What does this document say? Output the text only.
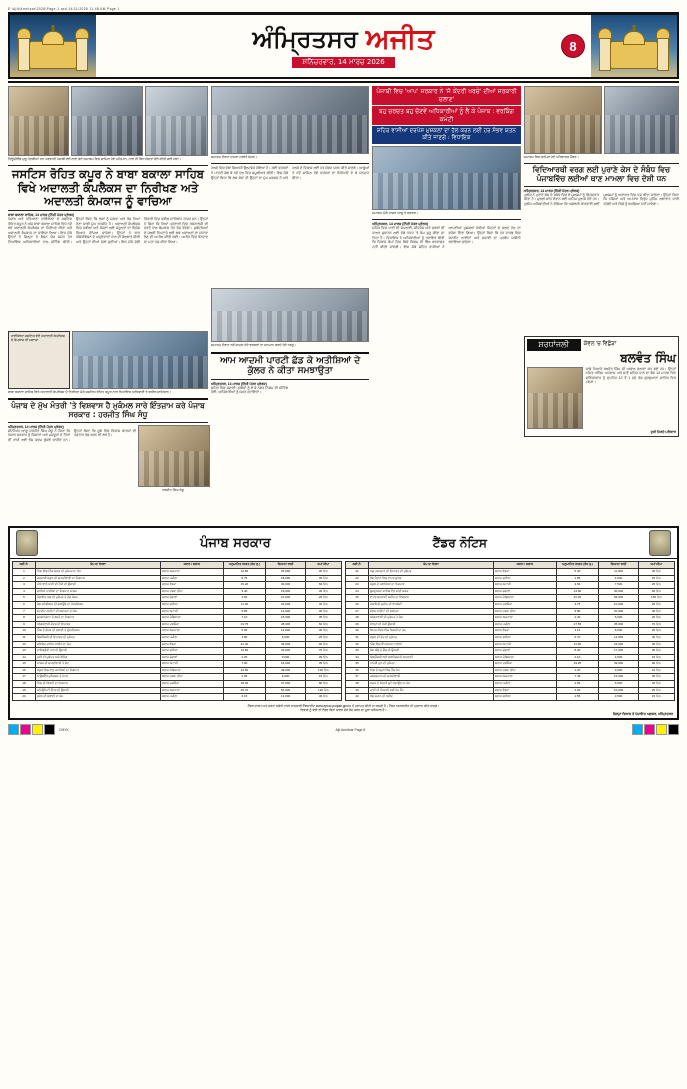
E:\Ajit\Amritsar\2026\Page-1.qxd 14/11/2026 11:48 AM Page 1
ਅੰਮ੍ਰਿਤਸਰ ਅਜੀਤ
ਸ਼ਨਿੱਚਰਵਾਰ, 14 ਮਾਰਚ 2026
8
ਨਿਊਜ਼ੀਲੈਂਡ ਸ਼ੁਰੂ ਹੋਣਗੀਆਂ ਹਨ ਪਰਵਾਸੀ ਪੰਜਾਬੀ ਵੱਲੋਂ ਲਾਏ ਗਏ ਸਮਾਗਮ ਵਿਚ ਸ਼ਾਮਿਲ ਹੋਏ ਮਹਿਮਾਨ, ਨਾਲ ਹੀ ਸਿੱਖ ਸੰਗਤਾਂ ਵੱਲੋਂ ਕੀਤੀ ਗਈ ਸੇਵਾ।
ਜਸਟਿਸ ਰੋਹਿਤ ਕਪੂਰ ਨੇ ਬਾਬਾ ਬਕਾਲਾ ਸਾਹਿਬ ਵਿਖੇ ਅਦਾਲਤੀ ਕੰਪਲੈਕਸ ਦਾ ਨਿਰੀਖਣ ਅਤੇ ਅਦਾਲਤੀ ਕੰਮਕਾਜ ਨੂੰ ਵਾਚਿਆ
ਬਾਬਾ ਬਕਾਲਾ ਸਾਹਿਬ, 14 ਮਾਰਚ (ਨਿੱਜੀ ਪੱਤਰ ਪ੍ਰੇਰਕ)
ਪੰਜਾਬ ਅਤੇ ਹਰਿਆਣਾ ਹਾਈਕੋਰਟ ਦੇ ਜਸਟਿਸ ਰੋਹਿਤ ਕਪੂਰ ਨੇ ਅੱਜ ਬਾਬਾ ਬਕਾਲਾ ਸਾਹਿਬ ਵਿਖੇ ਨਵੇਂ ਬਣੇ ਅਦਾਲਤੀ ਕੰਪਲੈਕਸ ਦਾ ਨਿਰੀਖਣ ਕੀਤਾ ਅਤੇ ਅਦਾਲਤੀ ਕੰਮਕਾਜ ਦਾ ਜਾਇਜ਼ਾ ਲਿਆ। ਇਸ ਮੌਕੇ ਉਨ੍ਹਾਂ ਨੇ ਜ਼ਿਲ੍ਹਾ ਤੇ ਸੈਸ਼ਨ ਜੱਜ ਸਮੇਤ ਹੋਰ ਨਿਆਂਇਕ ਅਧਿਕਾਰੀਆਂ ਨਾਲ ਮੀਟਿੰਗ ਕੀਤੀ। ਉਨ੍ਹਾਂ ਕਿਹਾ ਕਿ ਲੋਕਾਂ ਨੂੰ ਸਸਤਾ ਅਤੇ ਤੇਜ਼ ਨਿਆਂ ਦੇਣਾ ਸਾਡੀ ਮੁੱਖ ਤਰਜੀਹ ਹੈ। ਅਦਾਲਤੀ ਕੰਪਲੈਕਸ ਵਿਚ ਵਕੀਲਾਂ ਅਤੇ ਸੱਜਣਾਂ ਲਈ ਸਹੂਲਤਾਂ ਦਾ ਵਿਸ਼ੇਸ਼ ਧਿਆਨ ਰੱਖਿਆ ਜਾਵੇਗਾ। ਉਨ੍ਹਾਂ ਨੇ ਬਾਰ ਐਸੋਸੀਏਸ਼ਨ ਦੇ ਅਹੁਦੇਦਾਰਾਂ ਨਾਲ ਵੀ ਗੱਲਬਾਤ ਕੀਤੀ ਅਤੇ ਉਨ੍ਹਾਂ ਦੀਆਂ ਮੰਗਾਂ ਸੁਣੀਆਂ। ਇਸ ਮੌਕੇ ਵੱਡੀ ਗਿਣਤੀ ਵਿਚ ਵਕੀਲ ਸਾਹਿਬਾਨ ਹਾਜ਼ਰ ਸਨ। ਉਨ੍ਹਾਂ ਨੇ ਕਿਹਾ ਕਿ ਨਿਆਂ ਪ੍ਰਣਾਲੀ ਵਿਚ ਤਕਨਾਲੋਜੀ ਦੀ ਵਰਤੋਂ ਨਾਲ ਕੰਮਕਾਜ ਹੋਰ ਤੇਜ਼ ਹੋਵੇਗਾ। ਮੁਕੱਦਮਿਆਂ ਦੇ ਜਲਦੀ ਨਿਪਟਾਰੇ ਲਈ ਲੋਕ ਅਦਾਲਤਾਂ ਦਾ ਸਹਾਰਾ ਲੈਣ ਦੀ ਅਪੀਲ ਕੀਤੀ ਗਈ। ਅਖੀਰ ਵਿਚ ਧੰਨਵਾਦ ਦਾ ਮਤਾ ਪੇਸ਼ ਕੀਤਾ ਗਿਆ।
ਹਾਈਕੋਰਟ ਜਸਟਿਸ ਵੱਲੋਂ ਅਦਾਲਤੀ ਕੰਪਲੈਕਸ ਦੇ ਕੰਮਕਾਜ ਦੀ ਸ਼ਲਾਘਾ
ਬਾਬਾ ਬਕਾਲਾ ਸਾਹਿਬ ਵਿਖੇ ਅਦਾਲਤੀ ਕੰਪਲੈਕਸ ਦੇ ਨਿਰੀਖਣ ਮੌਕੇ ਜਸਟਿਸ ਰੋਹਿਤ ਕਪੂਰ ਨਾਲ ਨਿਆਂਇਕ ਅਧਿਕਾਰੀ ਤੇ ਵਕੀਲ ਸਾਹਿਬਾਨ।
ਪੰਜਾਬ ਦੇ ਮੁੱਖ ਮੰਤਰੀ 'ਤੇ ਵਿਸ਼ਵਾਸ ਹੈ ਮੁਕੰਮਲ ਸਾਰੇ ਇੰਤਜ਼ਾਮ ਕਰੇ ਪੰਜਾਬ ਸਰਕਾਰ : ਹਰਜੀਤ ਸਿੰਘ ਸੰਧੂ
ਅੰਮ੍ਰਿਤਸਰ, 14 ਮਾਰਚ (ਨਿੱਜੀ ਪੱਤਰ ਪ੍ਰੇਰਕ)
ਸੀਨੀਅਰ ਆਗੂ ਹਰਜੀਤ ਸਿੰਘ ਸੰਧੂ ਨੇ ਕਿਹਾ ਕਿ ਪੰਜਾਬ ਸਰਕਾਰ ਨੂੰ ਕਿਸਾਨਾਂ ਅਤੇ ਮਜ਼ਦੂਰਾਂ ਦੇ ਹਿੱਤਾਂ ਦੀ ਰਾਖੀ ਲਈ ਠੋਸ ਕਦਮ ਚੁੱਕਣੇ ਚਾਹੀਦੇ ਹਨ। ਉਨ੍ਹਾਂ ਕਿਹਾ ਕਿ ਸੂਬੇ ਵਿਚ ਵਿਕਾਸ ਕਾਰਜਾਂ ਦੀ ਰਫ਼ਤਾਰ ਤੇਜ਼ ਕਰਨ ਦੀ ਲੋੜ ਹੈ।
ਹਰਜੀਤ ਸਿੰਘ ਸੰਧੂ
ਸਮਾਗਮ ਦੌਰਾਨ ਹਾਜ਼ਰ ਪਤਵੰਤੇ ਸੱਜਣ।
ਹਲਕੇ ਵਿਚ ਵੱਡਾ ਸਿਆਸੀ ਉਲਟਫੇਰ ਹੋਇਆ ਹੈ। ਕਈ ਵਰਕਰਾਂ ਨੇ ਪਾਰਟੀ ਛੱਡ ਕੇ ਨਵੇਂ ਦਲ ਵਿਚ ਸ਼ਮੂਲੀਅਤ ਕੀਤੀ। ਇਸ ਮੌਕੇ ਉਨ੍ਹਾਂ ਕਿਹਾ ਕਿ ਲੋਕ ਸੇਵਾ ਹੀ ਉਨ੍ਹਾਂ ਦਾ ਮੁੱਖ ਮਕਸਦ ਹੈ ਅਤੇ ਹਲਕੇ ਦੇ ਵਿਕਾਸ ਲਈ ਹਰ ਸੰਭਵ ਯਤਨ ਕੀਤੇ ਜਾਣਗੇ। ਆਗੂਆਂ ਨੇ ਨਵੇਂ ਸ਼ਾਮਿਲ ਹੋਏ ਵਰਕਰਾਂ ਦਾ ਸਿਰੋਪਾਓ ਦੇ ਕੇ ਸਨਮਾਨ ਕੀਤਾ।
ਸਮਾਗਮ ਦੌਰਾਨ ਨਵੇਂ ਸ਼ਾਮਲ ਹੋਏ ਵਰਕਰਾਂ ਦਾ ਸਨਮਾਨ ਕਰਦੇ ਹੋਏ ਆਗੂ।
ਆਮ ਆਦਮੀ ਪਾਰਟੀ ਛੱਡ ਕੇ ਅਤੀਸ਼ਿਆਂ ਦੇ ਕੁੱਲਰ ਨੇ ਕੀਤਾ ਸਮਝਾਉਤਾ
ਅੰਮ੍ਰਿਤਸਰ, 14 ਮਾਰਚ (ਨਿੱਜੀ ਪੱਤਰ ਪ੍ਰੇਰਕ)
ਸ਼ਹਿਰ ਵਿਚ ਸਫ਼ਾਈ ਪ੍ਰਬੰਧਾਂ ਨੂੰ ਲੈ ਕੇ ਨਗਰ ਨਿਗਮ ਦੀ ਮੀਟਿੰਗ ਹੋਈ, ਅਧਿਕਾਰੀਆਂ ਨੂੰ ਸਖ਼ਤ ਹਦਾਇਤਾਂ।
ਪੰਜਾਬੀ ਵਿਚ 'ਆਪ' ਸਰਕਾਰ ਨੇ 'ਜੋ ਕੇਂਦਰੀ ਖਰਚੇ' ਦੀਆਂ ਸਰਕਾਰੀ ਚਲਾਣ'
ਬਹੁ ਚਰਚਤ ਬਹੁ ਚੋਣਵੇਂ ਅਧਿਕਾਰੀਆਂ ਨੂੰ ਲੈ ਕੇ ਪੰਜਾਬ : ਵਰਕਿੰਗ ਕਮੇਟੀ
ਸ਼ਹਿਰ ਵਾਸੀਆਂ ਦਰਪੇਸ਼ ਮੁਸ਼ਕਲਾਂ ਦਾ ਹੱਲ ਕਰਨ ਲਈ ਹਰ ਸੰਭਵ ਯਤਨ ਕੀਤੇ ਜਾਣਗੇ : ਵਿਧਾਇਕ
ਸਮਾਗਮ ਮੌਕੇ ਹਾਜ਼ਰ ਆਗੂ ਤੇ ਵਰਕਰ।
ਅੰਮ੍ਰਿਤਸਰ, 14 ਮਾਰਚ (ਨਿੱਜੀ ਪੱਤਰ ਪ੍ਰੇਰਕ)
ਸ਼ਹਿਰ ਵਿਚ ਪਾਣੀ ਦੀ ਸਪਲਾਈ, ਸੀਵਰੇਜ ਅਤੇ ਸੜਕਾਂ ਦੀ ਹਾਲਤ ਸੁਧਾਰਨ ਲਈ ਵੱਡੇ ਪੱਧਰ 'ਤੇ ਕੰਮ ਸ਼ੁਰੂ ਕੀਤਾ ਜਾ ਰਿਹਾ ਹੈ। ਵਿਧਾਇਕ ਨੇ ਅਧਿਕਾਰੀਆਂ ਨੂੰ ਹਦਾਇਤ ਕੀਤੀ ਕਿ ਵਿਕਾਸ ਕੰਮਾਂ ਵਿਚ ਕਿਸੇ ਕਿਸਮ ਦੀ ਢਿੱਲ ਬਰਦਾਸ਼ਤ ਨਹੀਂ ਕੀਤੀ ਜਾਵੇਗੀ। ਇਸ ਮੌਕੇ ਸ਼ਹਿਰ ਵਾਸੀਆਂ ਨੇ ਆਪਣੀਆਂ ਮੁਸ਼ਕਲਾਂ ਰੱਖੀਆਂ ਜਿਨ੍ਹਾਂ ਦੇ ਜਲਦ ਹੱਲ ਦਾ ਭਰੋਸਾ ਦਿੱਤਾ ਗਿਆ। ਉਨ੍ਹਾਂ ਕਿਹਾ ਕਿ ਹਰ ਵਾਰਡ ਵਿਚ ਸਟਰੀਟ ਲਾਈਟਾਂ ਅਤੇ ਸਫ਼ਾਈ ਦਾ ਪ੍ਰਬੰਧ ਯਕੀਨੀ ਬਣਾਇਆ ਜਾਵੇਗਾ।
ਸਮਾਗਮ ਵਿਚ ਸ਼ਾਮਿਲ ਹੋਏ ਪਰਿਵਾਰਕ ਮੈਂਬਰ।
ਵਿਦਿਆਰਥੀ ਵਰਗ ਲਈ ਪੁਰਾਣੇ ਕੇਸ ਦੇ ਸੰਬੰਧ ਵਿਚ ਪੰਜਾਬਵਿੱਚ ਲਈਆਂ ਥਾਣ ਮਾਮਲਾ ਵਿਚ ਦੋਸ਼ੀ ਧਨ
ਅੰਮ੍ਰਿਤਸਰ, 14 ਮਾਰਚ (ਨਿੱਜੀ ਪੱਤਰ ਪ੍ਰੇਰਕ)
ਪੁਲੀਸ ਨੇ ਪੁਰਾਣੇ ਕੇਸ ਦੇ ਸਬੰਧ ਵਿਚ ਦੋ ਮੁਲਜ਼ਮਾਂ ਨੂੰ ਗ੍ਰਿਫ਼ਤਾਰ ਕੀਤਾ ਹੈ। ਮੁਢਲੀ ਜਾਂਚ ਦੌਰਾਨ ਕਈ ਅਹਿਮ ਖੁਲਾਸੇ ਹੋਏ ਹਨ। ਪੁਲੀਸ ਅਧਿਕਾਰੀਆਂ ਨੇ ਦੱਸਿਆ ਕਿ ਅਗਲੇਰੀ ਕਾਰਵਾਈ ਲਈ ਮੁਲਜ਼ਮਾਂ ਨੂੰ ਅਦਾਲਤ ਵਿਚ ਪੇਸ਼ ਕੀਤਾ ਜਾਵੇਗਾ। ਉਨ੍ਹਾਂ ਕਿਹਾ ਕਿ ਨਸ਼ਿਆਂ ਅਤੇ ਅਪਰਾਧ ਵਿਰੁੱਧ ਮੁਹਿੰਮ ਲਗਾਤਾਰ ਜਾਰੀ ਰਹੇਗੀ ਅਤੇ ਕਿਸੇ ਨੂੰ ਬਖ਼ਸ਼ਿਆ ਨਹੀਂ ਜਾਵੇਗਾ।
ਸ਼ਰਧਾਂਜਲੀ	ਕੇਵਲ 'ਚ ਵਿਛੋੜਾ
ਬਲਵੰਤ ਸਿੰਘ
ਸਾਡੇ ਪਿਆਰੇ ਬਲਵੰਤ ਸਿੰਘ ਜੀ ਅਕਾਲ ਚਲਾਣਾ ਕਰ ਗਏ ਹਨ। ਉਨ੍ਹਾਂ ਨਮਿਤ ਅੰਤਿਮ ਅਰਦਾਸ ਅਤੇ ਸ੍ਰੀ ਸਹਿਜ ਪਾਠ ਦਾ ਭੋਗ 14 ਮਾਰਚ ਦਿਨ ਸ਼ਨਿੱਚਰਵਾਰ ਨੂੰ ਦੁਪਹਿਰ 12 ਤੋਂ 1 ਵਜੇ ਤੱਕ ਗੁਰਦੁਆਰਾ ਸਾਹਿਬ ਵਿਖੇ ਪਵੇਗਾ।
ਦੁਖੀ ਹਿਰਦੇ ਪਰਿਵਾਰ
ਪੰਜਾਬ ਸਰਕਾਰ	ਟੈਂਡਰ ਨੋਟਿਸ
ਲੜੀ ਨੰ:	ਕੰਮ ਦਾ ਵੇਰਵਾ	ਸਥਾਨ / ਬਲਾਕ	ਅਨੁਮਾਨਿਤ ਲਾਗਤ (ਲੱਖ ਰੁ.)	ਬਿਆਨਾ ਰਾਸ਼ੀ	ਸਮਾਂ ਸੀਮਾ
1	ਪਿੰਡ ਵਿਚ ਲਿੰਕ ਸੜਕ ਦੀ ਮੁਰੰਮਤ ਦਾ ਕੰਮ	ਬਲਾਕ ਅਜਨਾਲਾ	12.50	25,000	30 ਦਿਨ
2	ਸਰਕਾਰੀ ਸਕੂਲ ਦੀ ਚਾਰਦੀਵਾਰੀ ਦਾ ਨਿਰਮਾਣ	ਬਲਾਕ ਮਜੀਠਾ	8.75	18,000	45 ਦਿਨ
3	ਪੀਣ ਵਾਲੇ ਪਾਣੀ ਦੀ ਟੈਂਕੀ ਦੀ ਉਸਾਰੀ	ਬਲਾਕ ਵੇਰਕਾ	15.20	30,000	60 ਦਿਨ
4	ਗਲੀਆਂ ਨਾਲੀਆਂ ਦਾ ਨਿਰਮਾਣ ਕਾਰਜ	ਬਲਾਕ ਹਰਸ਼ਾ ਛੀਨਾ	9.40	19,000	30 ਦਿਨ
5	ਪੰਚਾਇਤ ਘਰ ਦੀ ਮੁਰੰਮਤ ਤੇ ਰੰਗ ਰੋਗਨ	ਬਲਾਕ ਚੋਗਾਵਾਂ	4.60	10,000	25 ਦਿਨ
6	ਖੇਡ ਸਟੇਡੀਅਮ ਦੀ ਗਰਾਊਂਡ ਦਾ ਪੱਧਰੀਕਰਨ	ਬਲਾਕ ਰਈਆ	11.30	23,000	40 ਦਿਨ
7	ਸਟਰੀਟ ਲਾਈਟਾਂ ਦੀ ਸਥਾਪਨਾ ਦਾ ਕੰਮ	ਬਲਾਕ ਅਟਾਰੀ	6.85	14,000	30 ਦਿਨ
8	ਸ਼ਮਸ਼ਾਨਘਾਟ ਦੇ ਰਸਤੇ ਦਾ ਨਿਰਮਾਣ	ਬਲਾਕ ਜੰਡਿਆਲਾ	7.10	15,000	35 ਦਿਨ
9	ਆਂਗਨਵਾੜੀ ਕੇਂਦਰ ਦੀ ਇਮਾਰਤ	ਬਲਾਕ ਤਰਸਿੱਕਾ	13.75	28,000	60 ਦਿਨ
10	ਪਿੰਡ ਦੇ ਛੱਪੜ ਦੀ ਸਫ਼ਾਈ ਤੇ ਸੁੰਦਰੀਕਰਨ	ਬਲਾਕ ਅਜਨਾਲਾ	5.95	12,000	30 ਦਿਨ
11	ਡਿਸਪੈਂਸਰੀ ਦੀ ਇਮਾਰਤ ਦੀ ਮੁਰੰਮਤ	ਬਲਾਕ ਮਜੀਠਾ	3.80	8,000	25 ਦਿਨ
12	ਸੀਵਰੇਜ ਪਾਈਪ ਲਾਈਨ ਦਾ ਕੰਮ	ਬਲਾਕ ਵੇਰਕਾ	21.40	43,000	90 ਦਿਨ
13	ਲਾਇਬ੍ਰੇਰੀ ਹਾਲ ਦੀ ਉਸਾਰੀ	ਬਲਾਕ ਰਈਆ	16.60	33,000	75 ਦਿਨ
14	ਪੁਲੀ ਦੀ ਮੁਰੰਮਤ ਅਤੇ ਰੇਲਿੰਗ	ਬਲਾਕ ਚੋਗਾਵਾਂ	4.25	9,000	20 ਦਿਨ
15	ਪਾਰਕ ਦੀ ਚਾਰਦੀਵਾਰੀ ਤੇ ਗੇਟ	ਬਲਾਕ ਅਟਾਰੀ	7.90	16,000	35 ਦਿਨ
16	ਸਕੂਲ ਵਿਚ ਵਾਧੂ ਕਮਰਿਆਂ ਦਾ ਨਿਰਮਾਣ	ਬਲਾਕ ਜੰਡਿਆਲਾ	24.50	49,000	120 ਦਿਨ
17	ਟਿਊਬਵੈੱਲ ਕੁਨੈਕਸ਼ਨ ਤੇ ਮੋਟਰ	ਬਲਾਕ ਹਰਸ਼ਾ ਛੀਨਾ	2.95	6,000	15 ਦਿਨ
18	ਪਿੰਡ ਦੀ ਫਿਰਨੀ ਦਾ ਨਿਰਮਾਣ	ਬਲਾਕ ਤਰਸਿੱਕਾ	18.30	37,000	80 ਦਿਨ
19	ਕਮਿਊਨਿਟੀ ਸੈਂਟਰ ਦੀ ਉਸਾਰੀ	ਬਲਾਕ ਅਜਨਾਲਾ	26.70	54,000	120 ਦਿਨ
20	ਡਰੇਨ ਦੀ ਸਫ਼ਾਈ ਦਾ ਕੰਮ	ਬਲਾਕ ਮਜੀਠਾ	6.15	13,000	30 ਦਿਨ
ਲੜੀ ਨੰ:	ਕੰਮ ਦਾ ਵੇਰਵਾ	ਸਥਾਨ / ਬਲਾਕ	ਅਨੁਮਾਨਿਤ ਲਾਗਤ (ਲੱਖ ਰੁ.)	ਬਿਆਨਾ ਰਾਸ਼ੀ	ਸਮਾਂ ਸੀਮਾ
21	ਪਸ਼ੂ ਹਸਪਤਾਲ ਦੀ ਇਮਾਰਤ ਦੀ ਮੁਰੰਮਤ	ਬਲਾਕ ਵੇਰਕਾ	5.40	11,000	30 ਦਿਨ
22	ਖੇਡ ਮੈਦਾਨ ਵਿਚ ਵਾਟਰ ਕੂਲਰ	ਬਲਾਕ ਰਈਆ	1.85	4,000	15 ਦਿਨ
23	ਸਕੂਲ ਦੇ ਪਖਾਨਿਆਂ ਦਾ ਨਿਰਮਾਣ	ਬਲਾਕ ਅਟਾਰੀ	3.60	7,500	25 ਦਿਨ
24	ਗੁਰਦੁਆਰਾ ਸਾਹਿਬ ਵੱਲ ਜਾਂਦੀ ਸੜਕ	ਬਲਾਕ ਚੋਗਾਵਾਂ	14.90	30,000	60 ਦਿਨ
25	ਵਾਟਰ ਸਪਲਾਈ ਸਕੀਮ ਦਾ ਵਿਸਥਾਰ	ਬਲਾਕ ਜੰਡਿਆਲਾ	32.20	65,000	150 ਦਿਨ
26	ਪੰਚਾਇਤੀ ਜ਼ਮੀਨ ਦੀ ਵਾੜਬੰਦੀ	ਬਲਾਕ ਤਰਸਿੱਕਾ	4.75	10,000	25 ਦਿਨ
27	ਸੋਲਰ ਲਾਈਟਾਂ ਦੀ ਸਥਾਪਨਾ	ਬਲਾਕ ਹਰਸ਼ਾ ਛੀਨਾ	9.80	20,000	40 ਦਿਨ
28	ਆਂਗਨਵਾੜੀ ਦੀ ਮੁਰੰਮਤ ਤੇ ਰੰਗ	ਬਲਾਕ ਅਜਨਾਲਾ	2.40	5,000	20 ਦਿਨ
29	ਖਾਲ੍ਹਾਂ ਦੀ ਪੱਕੀ ਉਸਾਰੀ	ਬਲਾਕ ਮਜੀਠਾ	17.55	35,000	70 ਦਿਨ
30	ਸਿਹਤ ਕੇਂਦਰ ਵਿਚ ਬਿਜਲੀ ਦਾ ਕੰਮ	ਬਲਾਕ ਵੇਰਕਾ	3.15	6,500	20 ਦਿਨ
31	ਸਕੂਲ ਦੀ ਛੱਤ ਦੀ ਮੁਰੰਮਤ	ਬਲਾਕ ਰਈਆ	6.70	14,000	30 ਦਿਨ
32	ਪਿੰਡ ਵਿਚ ਇੰਟਰਲਾਕ ਟਾਈਲਾਂ	ਬਲਾਕ ਅਟਾਰੀ	11.95	24,000	45 ਦਿਨ
33	ਬੱਸ ਅੱਡੇ ਦੇ ਸ਼ੈੱਡ ਦੀ ਉਸਾਰੀ	ਬਲਾਕ ਚੋਗਾਵਾਂ	8.30	17,000	35 ਦਿਨ
34	ਡਿਸਪੈਂਸਰੀ ਲਈ ਫਰਨੀਚਰ ਦੀ ਸਪਲਾਈ	ਬਲਾਕ ਜੰਡਿਆਲਾ	2.10	4,500	15 ਦਿਨ
35	ਨਹਿਰੀ ਪੁਲ ਦੀ ਮੁਰੰਮਤ	ਬਲਾਕ ਤਰਸਿੱਕਾ	19.25	39,000	90 ਦਿਨ
36	ਪਿੰਡ ਦੇ ਸਕੂਲ ਵਿਚ ਹੈਂਡ ਪੰਪ	ਬਲਾਕ ਹਰਸ਼ਾ ਛੀਨਾ	1.20	3,000	10 ਦਿਨ
37	ਕਬਰਸਤਾਨ ਦੀ ਚਾਰਦੀਵਾਰੀ	ਬਲਾਕ ਅਜਨਾਲਾ	7.45	15,000	35 ਦਿਨ
38	ਸੜਕ ਦੇ ਕਿਨਾਰੇ ਬੂਟੇ ਲਗਾਉਣ ਦਾ ਕੰਮ	ਬਲਾਕ ਮਜੀਠਾ	2.65	5,500	20 ਦਿਨ
39	ਪਾਣੀ ਦੀ ਨਿਕਾਸੀ ਲਈ ਪੰਪ ਸੈੱਟ	ਬਲਾਕ ਵੇਰਕਾ	4.90	10,000	25 ਦਿਨ
40	ਖੇਡ ਸਮਾਨ ਦੀ ਖਰੀਦ	ਬਲਾਕ ਰਈਆ	1.55	3,500	15 ਦਿਨ
ਟੈਂਡਰ ਫਾਰਮ ਅਤੇ ਸ਼ਰਤਾਂ ਸਬੰਧੀ ਵਧੇਰੇ ਜਾਣਕਾਰੀ ਵੈੱਬਸਾਈਟ www.eproc.punjab.gov.in ਤੋਂ ਪ੍ਰਾਪਤ ਕੀਤੀ ਜਾ ਸਕਦੀ ਹੈ। ਟੈਂਡਰ ਆਨਲਾਈਨ ਹੀ ਪ੍ਰਵਾਨ ਕੀਤੇ ਜਾਣਗੇ।
ਵਿਭਾਗ ਨੂੰ ਕੋਈ ਵੀ ਟੈਂਡਰ ਬਿਨਾਂ ਕਾਰਨ ਦੱਸੇ ਰੱਦ ਕਰਨ ਦਾ ਪੂਰਾ ਅਧਿਕਾਰ ਹੈ।
ਜ਼ਿਲ੍ਹਾ ਵਿਕਾਸ ਤੇ ਪੰਚਾਇਤ ਅਫ਼ਸਰ, ਅੰਮ੍ਰਿਤਸਰ
CMYK	Ajit Amritsar Page 8
